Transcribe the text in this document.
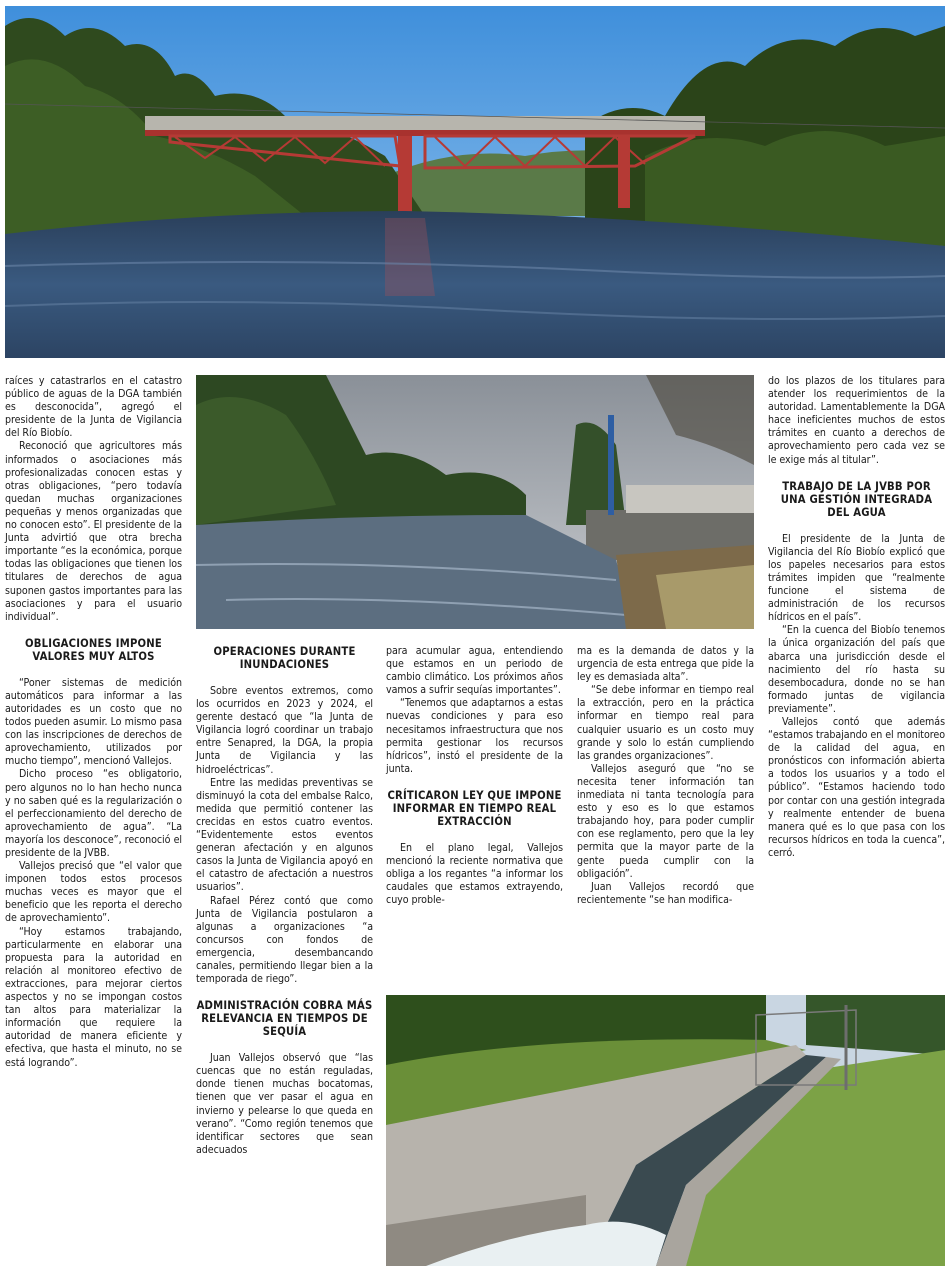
raíces y catastrarlos en el catastro público de aguas de la DGA también es desconocida”, agregó el presidente de la Junta de Vigilancia del Río Biobío.

Reconoció que agricultores más informados o asociaciones más profesionalizadas conocen estas y otras obligaciones, “pero todavía quedan muchas organizaciones pequeñas y menos organizadas que no conocen esto”. El presidente de la Junta advirtió que otra brecha importante “es la económica, porque todas las obligaciones que tienen los titulares de derechos de agua suponen gastos importantes para las asociaciones y para el usuario individual”.

OBLIGACIONES IMPONE VALORES MUY ALTOS

“Poner sistemas de medición automáticos para informar a las autoridades es un costo que no todos pueden asumir. Lo mismo pasa con las inscripciones de derechos de aprovechamiento, utilizados por mucho tiempo”, mencionó Vallejos.

Dicho proceso “es obligatorio, pero algunos no lo han hecho nunca y no saben qué es la regularización o el perfeccionamiento del derecho de aprovechamiento de agua”. “La mayoría los desconoce”, reconoció el presidente de la JVBB.

Vallejos precisó que “el valor que imponen todos estos procesos muchas veces es mayor que el beneficio que les reporta el derecho de aprovechamiento”.

“Hoy estamos trabajando, particularmente en elaborar una propuesta para la autoridad en relación al monitoreo efectivo de extracciones, para mejorar ciertos aspectos y no se impongan costos tan altos para materializar la información que requiere la autoridad de manera eficiente y efectiva, que hasta el minuto, no se está logrando”.

OPERACIONES DURANTE INUNDACIONES

Sobre eventos extremos, como los ocurridos en 2023 y 2024, el gerente destacó que “la Junta de Vigilancia logró coordinar un trabajo entre Senapred, la DGA, la propia Junta de Vigilancia y las hidroeléctricas”.

Entre las medidas preventivas se disminuyó la cota del embalse Ralco, medida que permitió contener las crecidas en estos cuatro eventos. “Evidentemente estos eventos generan afectación y en algunos casos la Junta de Vigilancia apoyó en el catastro de afectación a nuestros usuarios”.

Rafael Pérez contó que como Junta de Vigilancia postularon a algunas a organizaciones “a concursos con fondos de emergencia, desembancando canales, permitiendo llegar bien a la temporada de riego”.

ADMINISTRACIÓN COBRA MÁS RELEVANCIA EN TIEMPOS DE SEQUÍA

Juan Vallejos observó que “las cuencas que no están reguladas, donde tienen muchas bocatomas, tienen que ver pasar el agua en invierno y pelearse lo que queda en verano”. “Como región tenemos que identificar sectores que sean adecuados

para acumular agua, entendiendo que estamos en un periodo de cambio climático. Los próximos años vamos a sufrir sequías importantes”.

“Tenemos que adaptarnos a estas nuevas condiciones y para eso necesitamos infraestructura que nos permita gestionar los recursos hídricos”, instó el presidente de la junta.

CRÍTICARON LEY QUE IMPONE INFORMAR EN TIEMPO REAL EXTRACCIÓN

En el plano legal, Vallejos mencionó la reciente normativa que obliga a los regantes “a informar los caudales que estamos extrayendo, cuyo proble-

ma es la demanda de datos y la urgencia de esta entrega que pide la ley es demasiada alta”.

“Se debe informar en tiempo real la extracción, pero en la práctica informar en tiempo real para cualquier usuario es un costo muy grande y solo lo están cumpliendo las grandes organizaciones”.

Vallejos aseguró que “no se necesita tener información tan inmediata ni tanta tecnología para esto y eso es lo que estamos trabajando hoy, para poder cumplir con ese reglamento, pero que la ley permita que la mayor parte de la gente pueda cumplir con la obligación”.

Juan Vallejos recordó que recientemente “se han modifica-

do los plazos de los titulares para atender los requerimientos de la autoridad. Lamentablemente la DGA hace ineficientes muchos de estos trámites en cuanto a derechos de aprovechamiento pero cada vez se le exige más al titular”.

TRABAJO DE LA JVBB POR UNA GESTIÓN INTEGRADA DEL AGUA

El presidente de la Junta de Vigilancia del Río Biobío explicó que los papeles necesarios para estos trámites impiden que “realmente funcione el sistema de administración de los recursos hídricos en el país”.

“En la cuenca del Biobío tenemos la única organización del país que abarca una jurisdicción desde el nacimiento del río hasta su desembocadura, donde no se han formado juntas de vigilancia previamente”.

Vallejos contó que además “estamos trabajando en el monitoreo de la calidad del agua, en pronósticos con información abierta a todos los usuarios y a todo el público”. “Estamos haciendo todo por contar con una gestión integrada y realmente entender de buena manera qué es lo que pasa con los recursos hídricos en toda la cuenca”, cerró.
